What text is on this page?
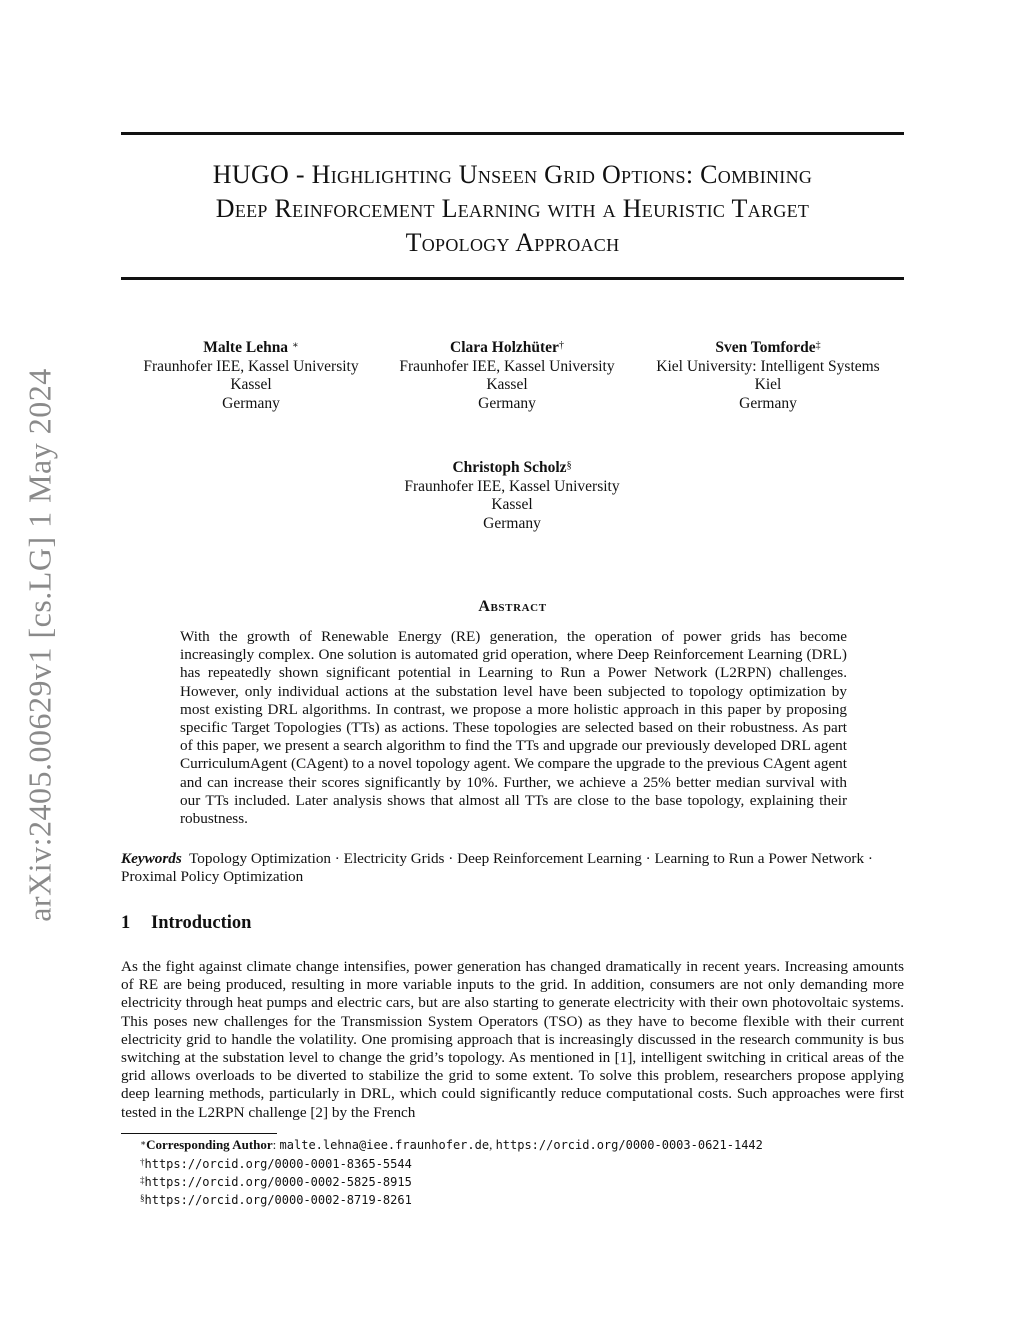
HUGO - Highlighting Unseen Grid Options: Combining
Deep Reinforcement Learning with a Heuristic Target
Topology Approach
Malte Lehna ∗
Fraunhofer IEE, Kassel University
Kassel
Germany
Clara Holzhüter†
Fraunhofer IEE, Kassel University
Kassel
Germany
Sven Tomforde‡
Kiel University: Intelligent Systems
Kiel
Germany
Christoph Scholz§
Fraunhofer IEE, Kassel University
Kassel
Germany
arXiv:2405.00629v1 [cs.LG] 1 May 2024	Abstract

With the growth of Renewable Energy (RE) generation, the operation of power grids has become increasingly complex. One solution is automated grid operation, where Deep Reinforcement Learning (DRL) has repeatedly shown significant potential in Learning to Run a Power Network (L2RPN) challenges. However, only individual actions at the substation level have been subjected to topology optimization by most existing DRL algorithms. In contrast, we propose a more holistic approach in this paper by proposing specific Target Topologies (TTs) as actions. These topologies are selected based on their robustness. As part of this paper, we present a search algorithm to find the TTs and upgrade our previously developed DRL agent CurriculumAgent (CAgent) to a novel topology agent. We compare the upgrade to the previous CAgent agent and can increase their scores significantly by 10%. Further, we achieve a 25% better median survival with our TTs included. Later analysis shows that almost all TTs are close to the base topology, explaining their robustness.

Keywords Topology Optimization · Electricity Grids · Deep Reinforcement Learning · Learning to Run a Power Network · Proximal Policy Optimization
1 Introduction

As the fight against climate change intensifies, power generation has changed dramatically in recent years. Increasing amounts of RE are being produced, resulting in more variable inputs to the grid. In addition, consumers are not only demanding more electricity through heat pumps and electric cars, but are also starting to generate electricity with their own photovoltaic systems. This poses new challenges for the Transmission System Operators (TSO) as they have to become flexible with their current electricity grid to handle the volatility. One promising approach that is increasingly discussed in the research community is bus switching at the substation level to change the grid’s topology. As mentioned in [1], intelligent switching in critical areas of the grid allows overloads to be diverted to stabilize the grid to some extent. To solve this problem, researchers propose applying deep learning methods, particularly in DRL, which could significantly reduce computational costs. Such approaches were first tested in the L2RPN challenge [2] by the French

∗Corresponding Author: malte.lehna@iee.fraunhofer.de, https://orcid.org/0000-0003-0621-1442
†https://orcid.org/0000-0001-8365-5544
‡https://orcid.org/0000-0002-5825-8915
§https://orcid.org/0000-0002-8719-8261
